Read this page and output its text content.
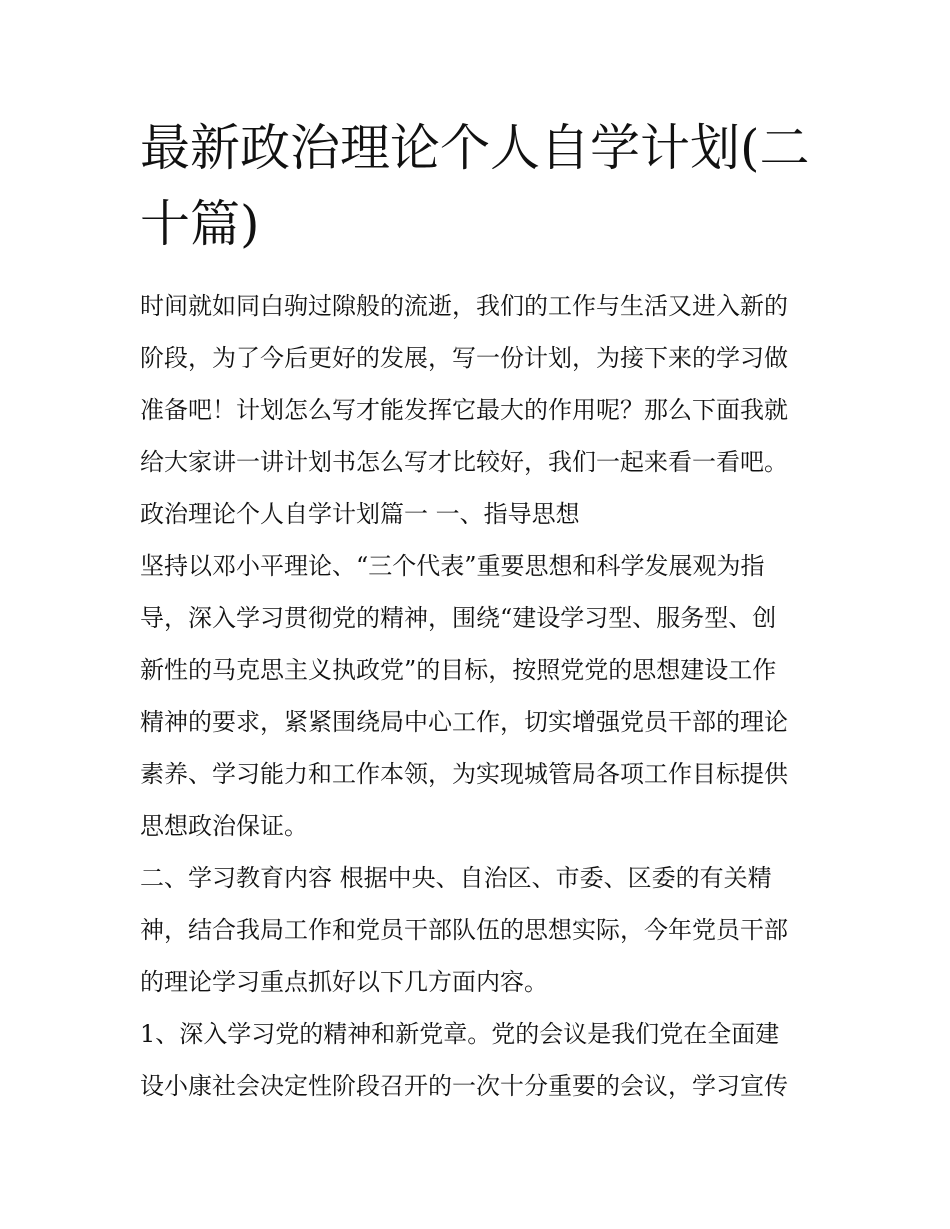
最新政治理论个人自学计划(二
十篇)

时间就如同白驹过隙般的流逝，我们的工作与生活又进入新的
阶段，为了今后更好的发展，写一份计划，为接下来的学习做
准备吧！计划怎么写才能发挥它最大的作用呢？那么下面我就
给大家讲一讲计划书怎么写才比较好，我们一起来看一看吧。
政治理论个人自学计划篇一 一、指导思想

坚持以邓小平理论、“三个代表”重要思想和科学发展观为指
导，深入学习贯彻党的精神，围绕“建设学习型、服务型、创
新性的马克思主义执政党”的目标，按照党党的思想建设工作
精神的要求，紧紧围绕局中心工作，切实增强党员干部的理论
素养、学习能力和工作本领，为实现城管局各项工作目标提供
思想政治保证。

二、学习教育内容 根据中央、自治区、市委、区委的有关精
神，结合我局工作和党员干部队伍的思想实际，今年党员干部
的理论学习重点抓好以下几方面内容。

1、深入学习党的精神和新党章。党的会议是我们党在全面建
设小康社会决定性阶段召开的一次十分重要的会议，学习宣传
